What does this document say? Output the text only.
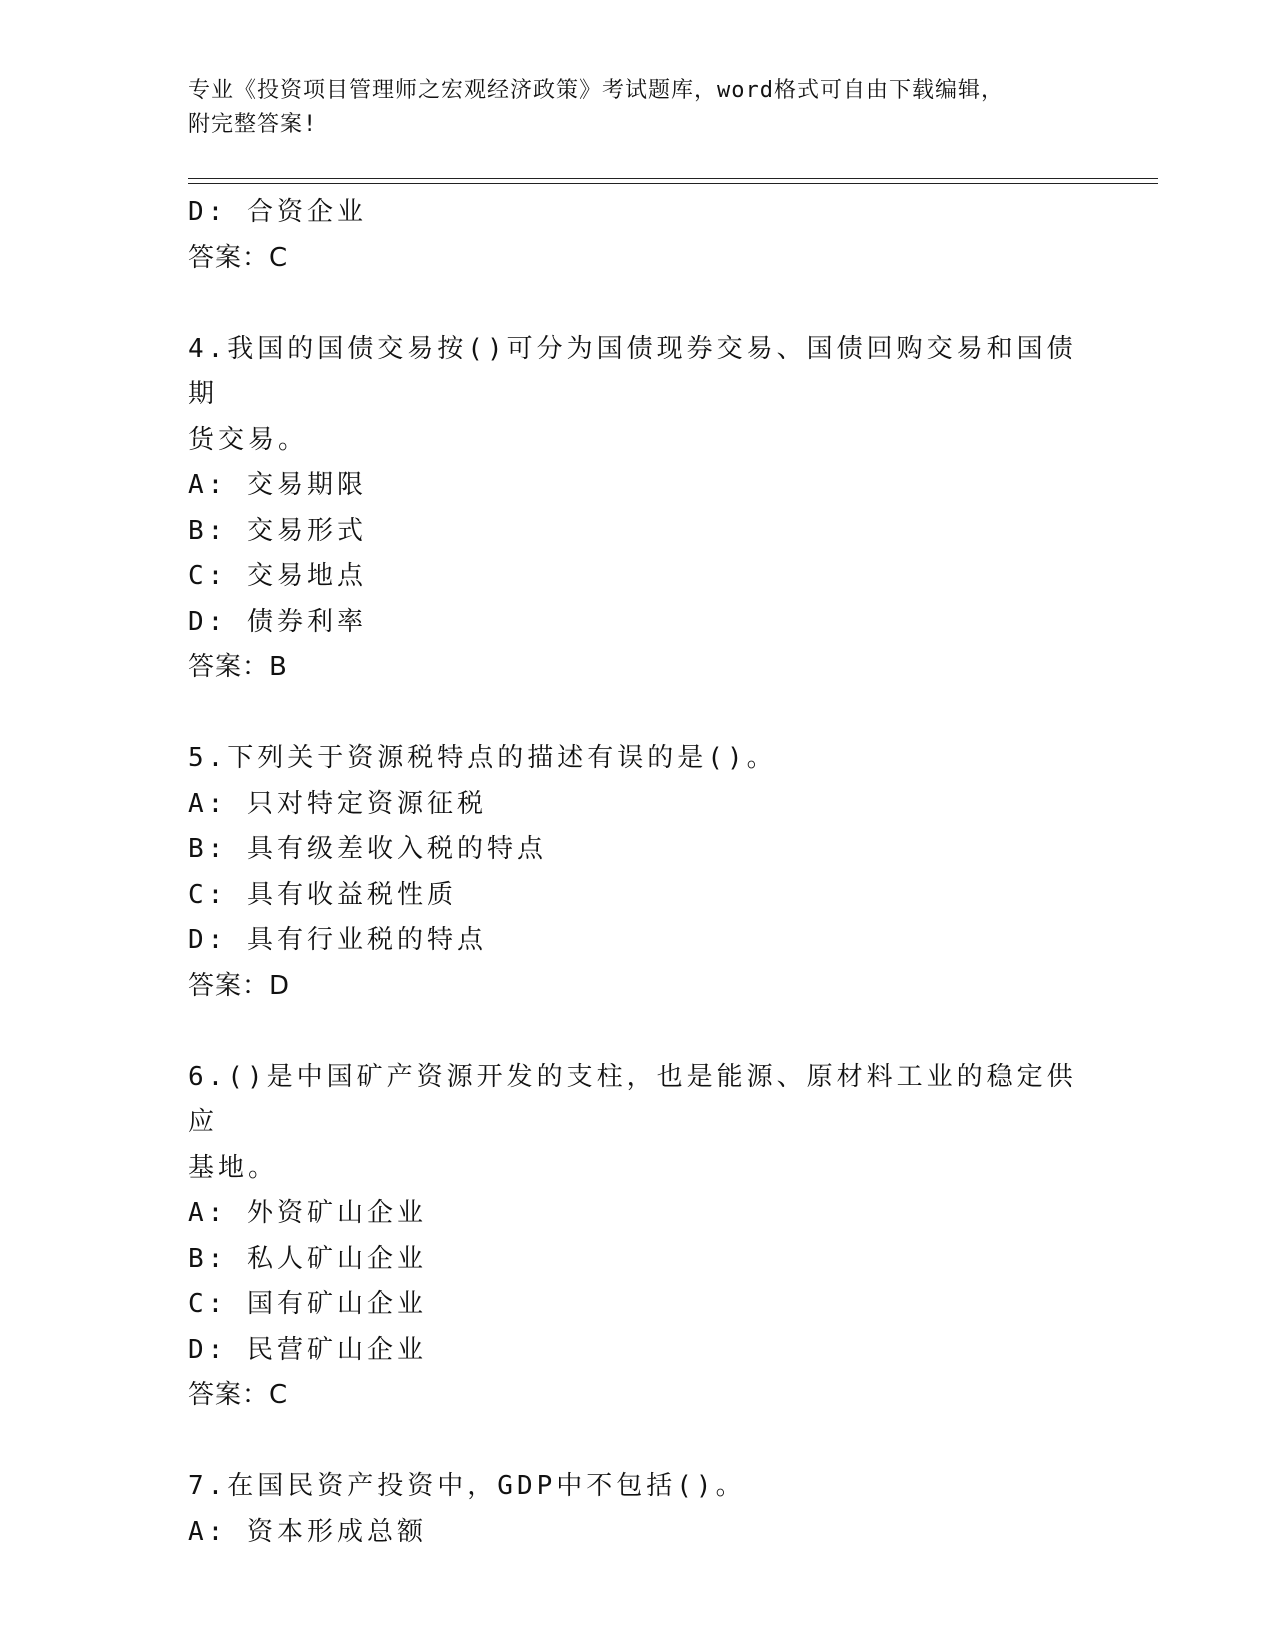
专业《投资项目管理师之宏观经济政策》考试题库，word格式可自由下载编辑，
附完整答案!
D: 合资企业
答案：C
4.我国的国债交易按()可分为国债现券交易、国债回购交易和国债期
货交易。
A: 交易期限
B: 交易形式
C: 交易地点
D: 债券利率
答案：B
5.下列关于资源税特点的描述有误的是()。
A: 只对特定资源征税
B: 具有级差收入税的特点
C: 具有收益税性质
D: 具有行业税的特点
答案：D
6.()是中国矿产资源开发的支柱，也是能源、原材料工业的稳定供应
基地。
A: 外资矿山企业
B: 私人矿山企业
C: 国有矿山企业
D: 民营矿山企业
答案：C
7.在国民资产投资中，GDP中不包括()。
A: 资本形成总额
